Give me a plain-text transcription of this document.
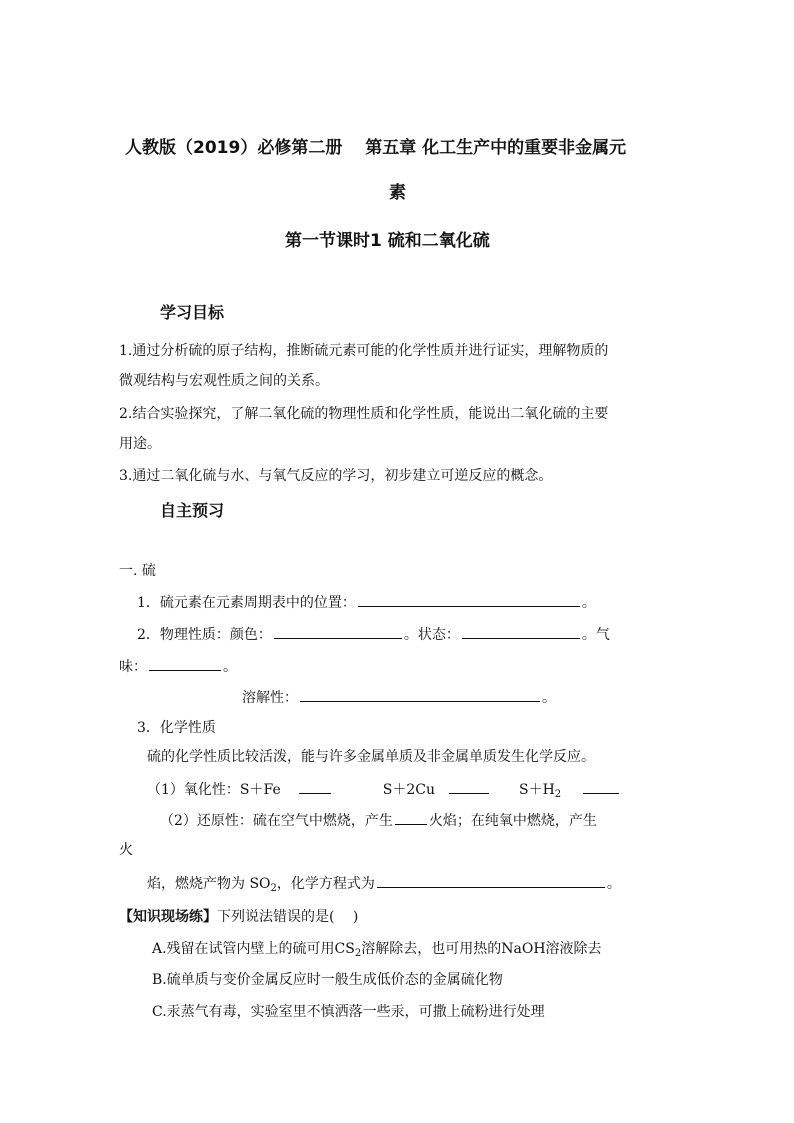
人教版（2019）必修第二册　 第五章 化工生产中的重要非金属元
素
第一节课时1 硫和二氧化硫
学习目标
1.通过分析硫的原子结构，推断硫元素可能的化学性质并进行证实，理解物质的
微观结构与宏观性质之间的关系。
2.结合实验探究，了解二氧化硫的物理性质和化学性质，能说出二氧化硫的主要
用途。
3.通过二氧化硫与水、与氧气反应的学习，初步建立可逆反应的概念。
自主预习
一. 硫
1．硫元素在元素周期表中的位置：	。
2．物理性质：颜色：	。状态：	。气
味：	。
溶解性：	。
3．化学性质
硫的化学性质比较活泼，能与许多金属单质及非金属单质发生化学反应。
（1）氧化性：S＋Fe	S＋2Cu	$S+H_2$
（2）还原性：硫在空气中燃烧，产生	火焰；在纯氧中燃烧，产生
火
焰，燃烧产物为 $SO_2$，化学方程式为	。
【知识现场练】下列说法错误的是(　 )
A.残留在试管内壁上的硫可用$CS_2$溶解除去，也可用热的NaOH溶液除去
B.硫单质与变价金属反应时一般生成低价态的金属硫化物
C.汞蒸气有毒，实验室里不慎洒落一些汞，可撒上硫粉进行处理
